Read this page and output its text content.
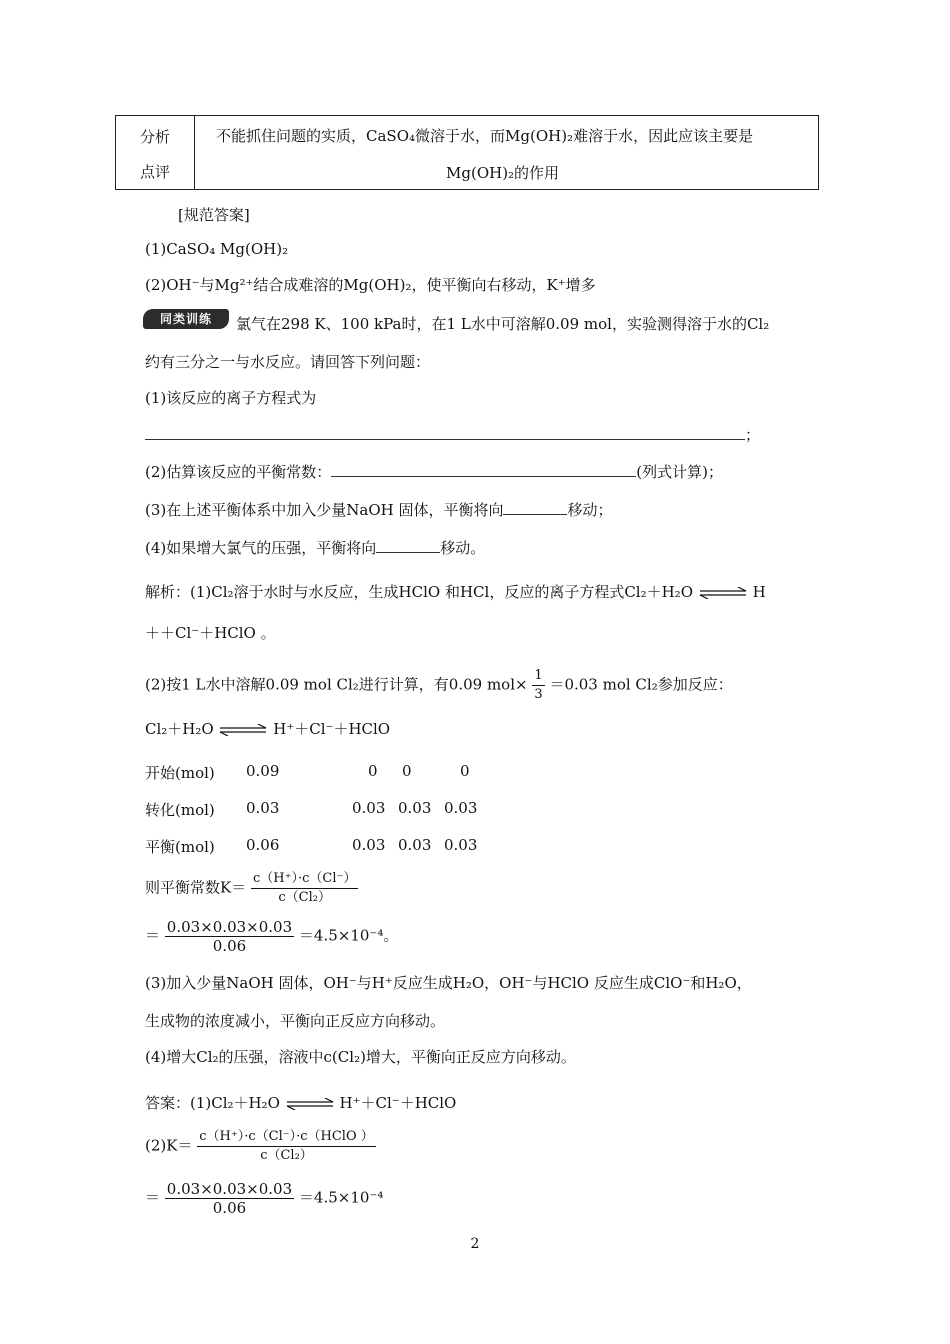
分析
点评
不能抓住问题的实质，CaSO₄微溶于水，而Mg(OH)₂难溶于水，因此应该主要是
Mg(OH)₂的作用
[规范答案]
(1)CaSO₄ Mg(OH)₂
(2)OH⁻与Mg²⁺结合成难溶的Mg(OH)₂，使平衡向右移动，K⁺增多
同类训练	氯气在298 K、100 kPa时，在1 L水中可溶解0.09 mol，实验测得溶于水的Cl₂
约有三分之一与水反应。请回答下列问题：
(1)该反应的离子方程式为
；
(2)估算该反应的平衡常数：	(列式计算)；
(3)在上述平衡体系中加入少量NaOH 固体，平衡将向	移动；
(4)如果增大氯气的压强，平衡将向	移动。
解析：(1)Cl₂溶于水时与水反应，生成HClO 和HCl，反应的离子方程式Cl₂＋H₂O ⇌ H
＋＋Cl⁻＋HClO 。
(2)按1 L水中溶解0.09 mol Cl₂进行计算，有0.09 $mol\times \frac{1}{3} =0.03$ mol Cl₂参加反应：
Cl₂＋H₂O ⇌ H⁺＋Cl⁻＋HClO
开始(mol) 0.09	0 0	0
转化(mol) 0.03	0.03 0.03 0.03
平衡(mol) 0.06	0.03 0.03 0.03
则平衡常数$K= \frac{c(H^+)\cdot c(Cl^-)}{\text{c（Cl₂）}}$
＝ $\frac{0.03\times 0.03\times 0.03}{0.06} =4.5\times 10^{-4}$。
(3)加入少量NaOH 固体，OH⁻与H⁺反应生成H₂O，OH⁻与HClO 反应生成ClO⁻和H₂O，
生成物的浓度减小，平衡向正反应方向移动。
(4)增大Cl₂的压强，溶液中c(Cl₂)增大，平衡向正反应方向移动。
答案：(1)Cl₂＋H₂O ⇌ H⁺＋Cl⁻＋HClO
$(2)K= \frac{\text{c（H⁺）·c（Cl⁻）·c（HClO ）}}{\text{c（Cl₂）}}$
＝ $\frac{0.03\times 0.03\times 0.03}{0.06} =4.5\times 10^{-4}$
2
